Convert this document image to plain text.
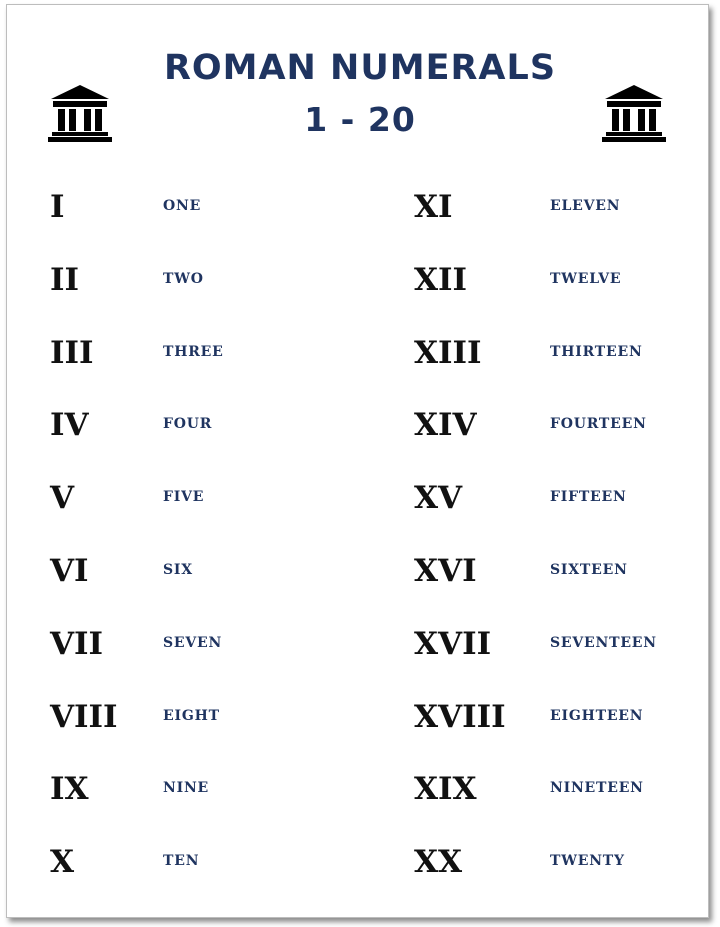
ROMAN NUMERALS
1 - 20
I	ONE
II	TWO
III	THREE
IV	FOUR
V	FIVE
VI	SIX
VII	SEVEN
VIII	EIGHT
IX	NINE
X	TEN
XI	ELEVEN
XII	TWELVE
XIII	THIRTEEN
XIV	FOURTEEN
XV	FIFTEEN
XVI	SIXTEEN
XVII	SEVENTEEN
XVIII	EIGHTEEN
XIX	NINETEEN
XX	TWENTY
